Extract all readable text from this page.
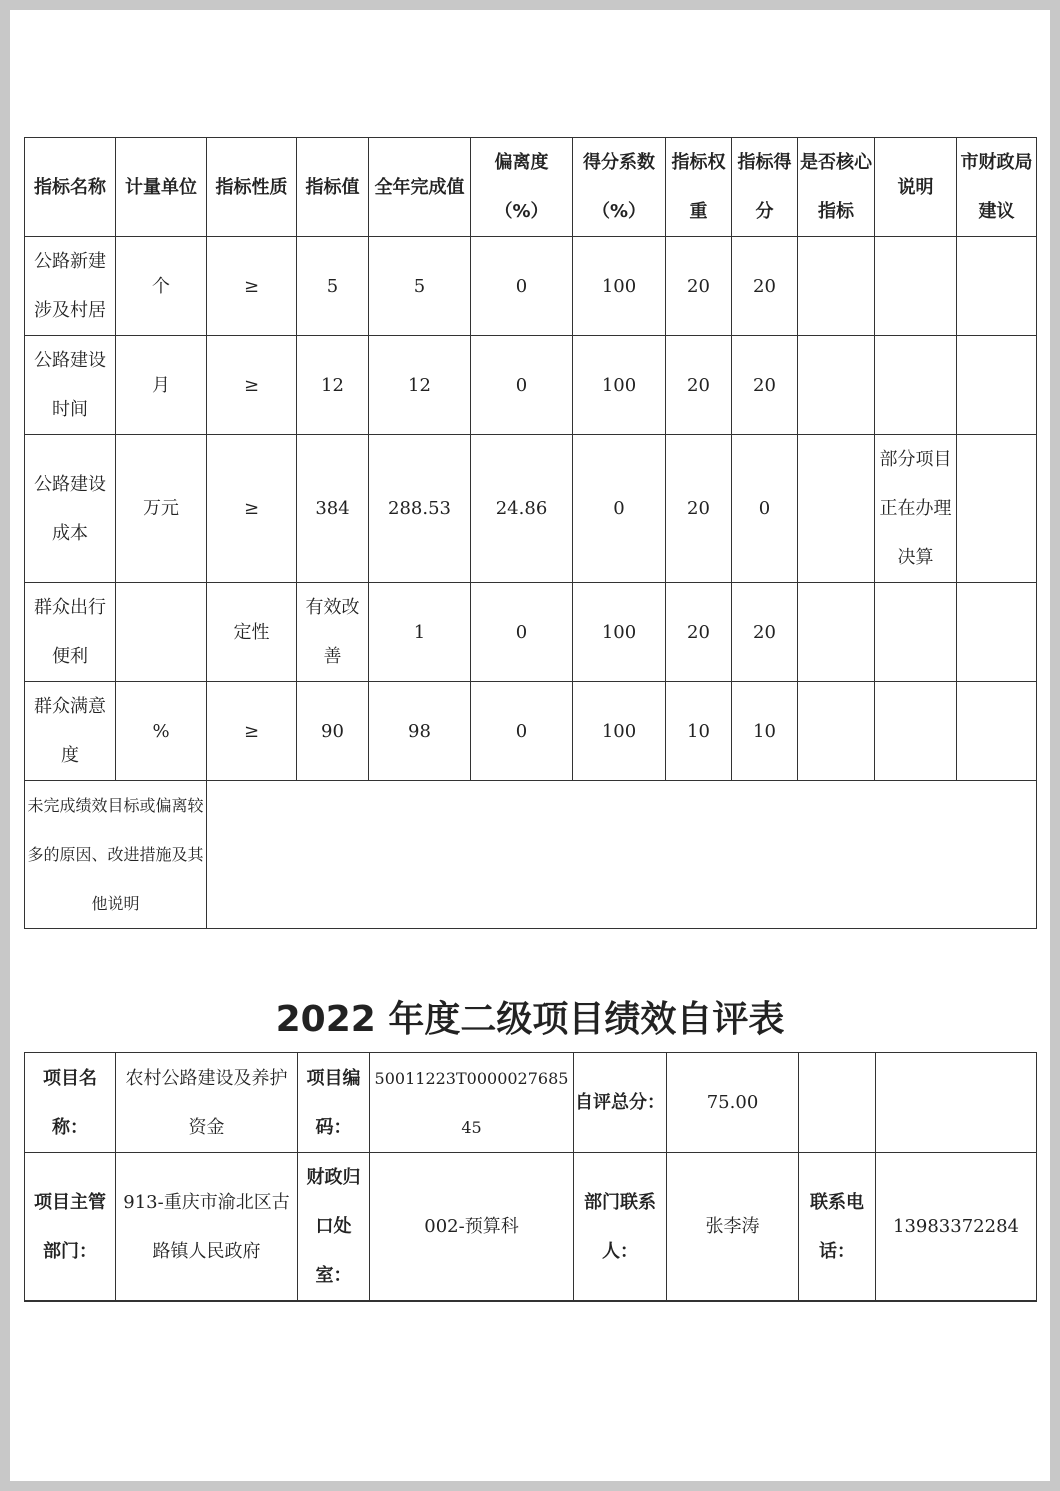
指标名称	计量单位	指标性质	指标值	全年完成值	偏离度（%）	得分系数（%）	指标权重	指标得分	是否核心指标	说明	市财政局建议
公路新建涉及村居	个	≥	5	5	0	100	20	20			
公路建设时间	月	≥	12	12	0	100	20	20			
公路建设成本	万元	≥	384	288.53	24.86	0	20	0		部分项目正在办理决算	
群众出行便利		定性	有效改善	1	0	100	20	20			
群众满意度	%	≥	90	98	0	100	10	10			
未完成绩效目标或偏离较多的原因、改进措施及其他说明											
2022 年度二级项目绩效自评表
项目名称：	农村公路建设及养护资金	项目编码：	50011223T000002768545	自评总分：	75.00		
项目主管部门：	913-重庆市渝北区古路镇人民政府	财政归口处室：	002-预算科	部门联系人：	张李涛	联系电话：	13983372284
